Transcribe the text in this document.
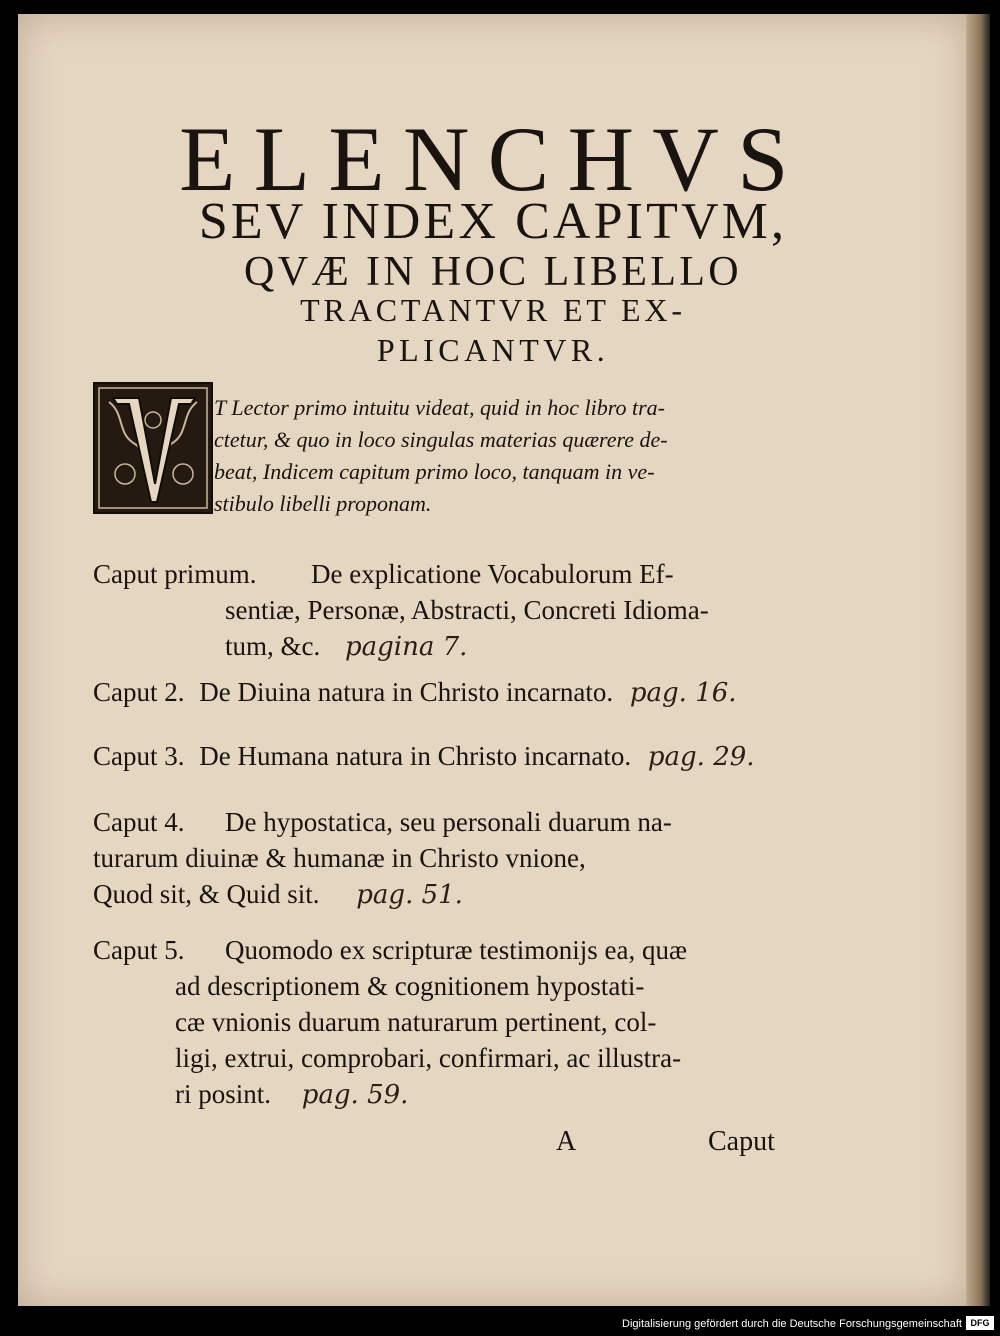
ELENCHVS
SEV INDEX CAPITVM,
QVÆ IN HOC LIBELLO
TRACTANTVR ET EX-
PLICANTVR.
T Lector primo intuitu videat, quid in hoc libro tra-
ctetur, & quo in loco singulas materias quærere de-
beat, Indicem capitum primo loco, tanquam in ve-
stibulo libelli proponam.
Caput primum.	De explicatione Vocabulorum Ef-
sentiæ, Personæ, Abstracti, Concreti Idioma-
tum, &c. pagina 7.
Caput 2. De Diuina natura in Christo incarnato. pag. 16.
Caput 3. De Humana natura in Christo incarnato. pag. 29.
Caput 4.	De hypostatica, seu personali duarum na-
turarum diuinæ & humanæ in Christo vnione,
Quod sit, & Quid sit. pag. 51.
Caput 5.	Quomodo ex scripturæ testimonijs ea, quæ
ad descriptionem & cognitionem hypostati-
cæ vnionis duarum naturarum pertinent, col-
ligi, extrui, comprobari, confirmari, ac illustra-
ri posint. pag. 59.
A	Caput
Digitalisierung gefördert durch die Deutsche Forschungsgemeinschaft DFG
